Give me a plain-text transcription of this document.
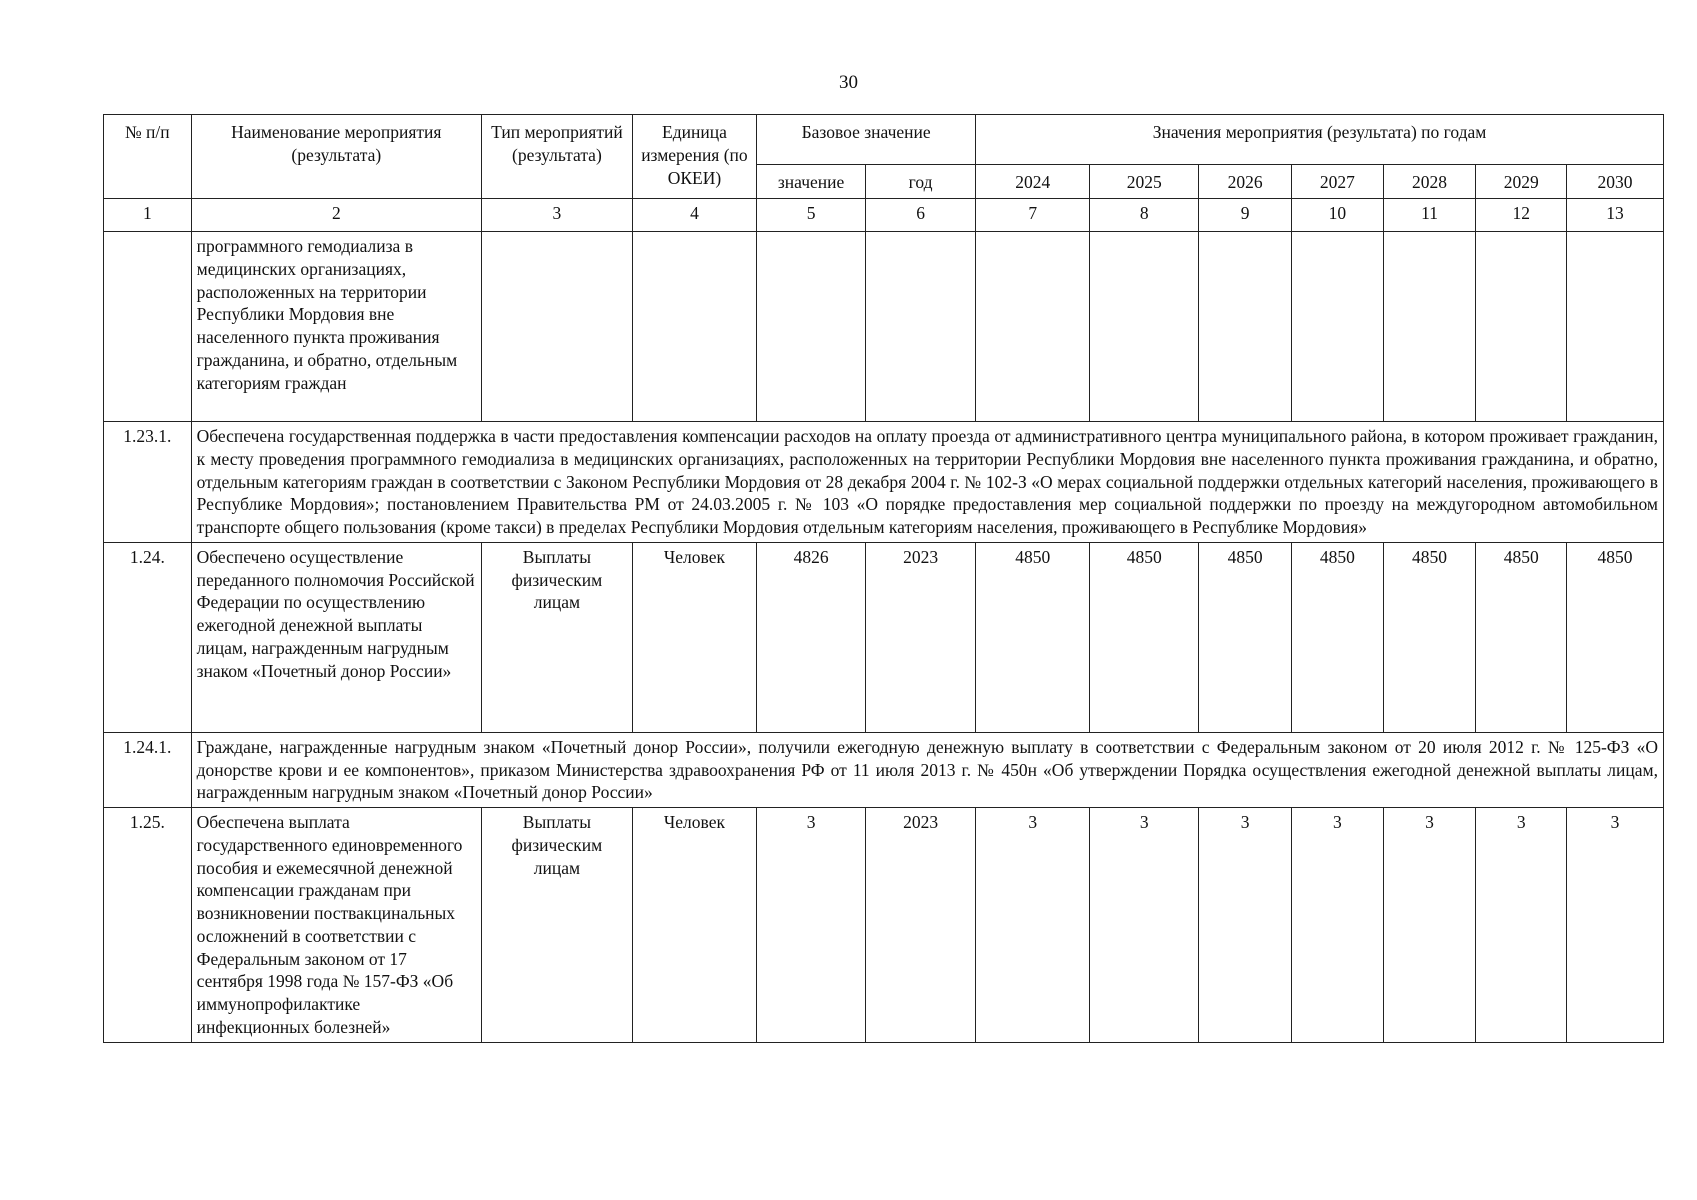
30
№ п/п	Наименование мероприятия (результата)	Тип мероприятий (результата)	Единица измерения (по ОКЕИ)	Базовое значение		Значения мероприятия (результата) по годам						
				значение	год	2024	2025	2026	2027	2028	2029	2030
1	2	3	4	5	6	7	8	9	10	11	12	13
	программного гемодиализа в медицинских организациях, расположенных на территории Республики Мордовия вне населенного пункта проживания гражданина, и обратно, отдельным категориям граждан											
1.23.1.	Обеспечена государственная поддержка в части предоставления компенсации расходов на оплату проезда от административного центра муниципального района, в котором проживает гражданин, к месту проведения программного гемодиализа в медицинских организациях, расположенных на территории Республики Мордовия вне населенного пункта проживания гражданина, и обратно, отдельным категориям граждан в соответствии с Законом Республики Мордовия от 28 декабря 2004 г. № 102-З «О мерах социальной поддержки отдельных категорий населения, проживающего в Республике Мордовия»; постановлением Правительства РМ от 24.03.2005 г. № 103 «О порядке предоставления мер социальной поддержки по проезду на междугородном автомобильном транспорте общего пользования (кроме такси) в пределах Республики Мордовия отдельным категориям населения, проживающего в Республике Мордовия»											
1.24.	Обеспечено осуществление переданного полномочия Российской Федерации по осуществлению ежегодной денежной выплаты лицам, награжденным нагрудным знаком «Почетный донор России»	Выплаты физическим лицам	Человек	4826	2023	4850	4850	4850	4850	4850	4850	4850
1.24.1.	Граждане, награжденные нагрудным знаком «Почетный донор России», получили ежегодную денежную выплату в соответствии с Федеральным законом от 20 июля 2012 г. № 125-ФЗ «О донорстве крови и ее компонентов», приказом Министерства здравоохранения РФ от 11 июля 2013 г. № 450н «Об утверждении Порядка осуществления ежегодной денежной выплаты лицам, награжденным нагрудным знаком «Почетный донор России»											
1.25.	Обеспечена выплата государственного единовременного пособия и ежемесячной денежной компенсации гражданам при возникновении поствакцинальных осложнений в соответствии с Федеральным законом от 17 сентября 1998 года № 157-ФЗ «Об иммунопрофилактике инфекционных болезней»	Выплаты физическим лицам	Человек	3	2023	3	3	3	3	3	3	3
